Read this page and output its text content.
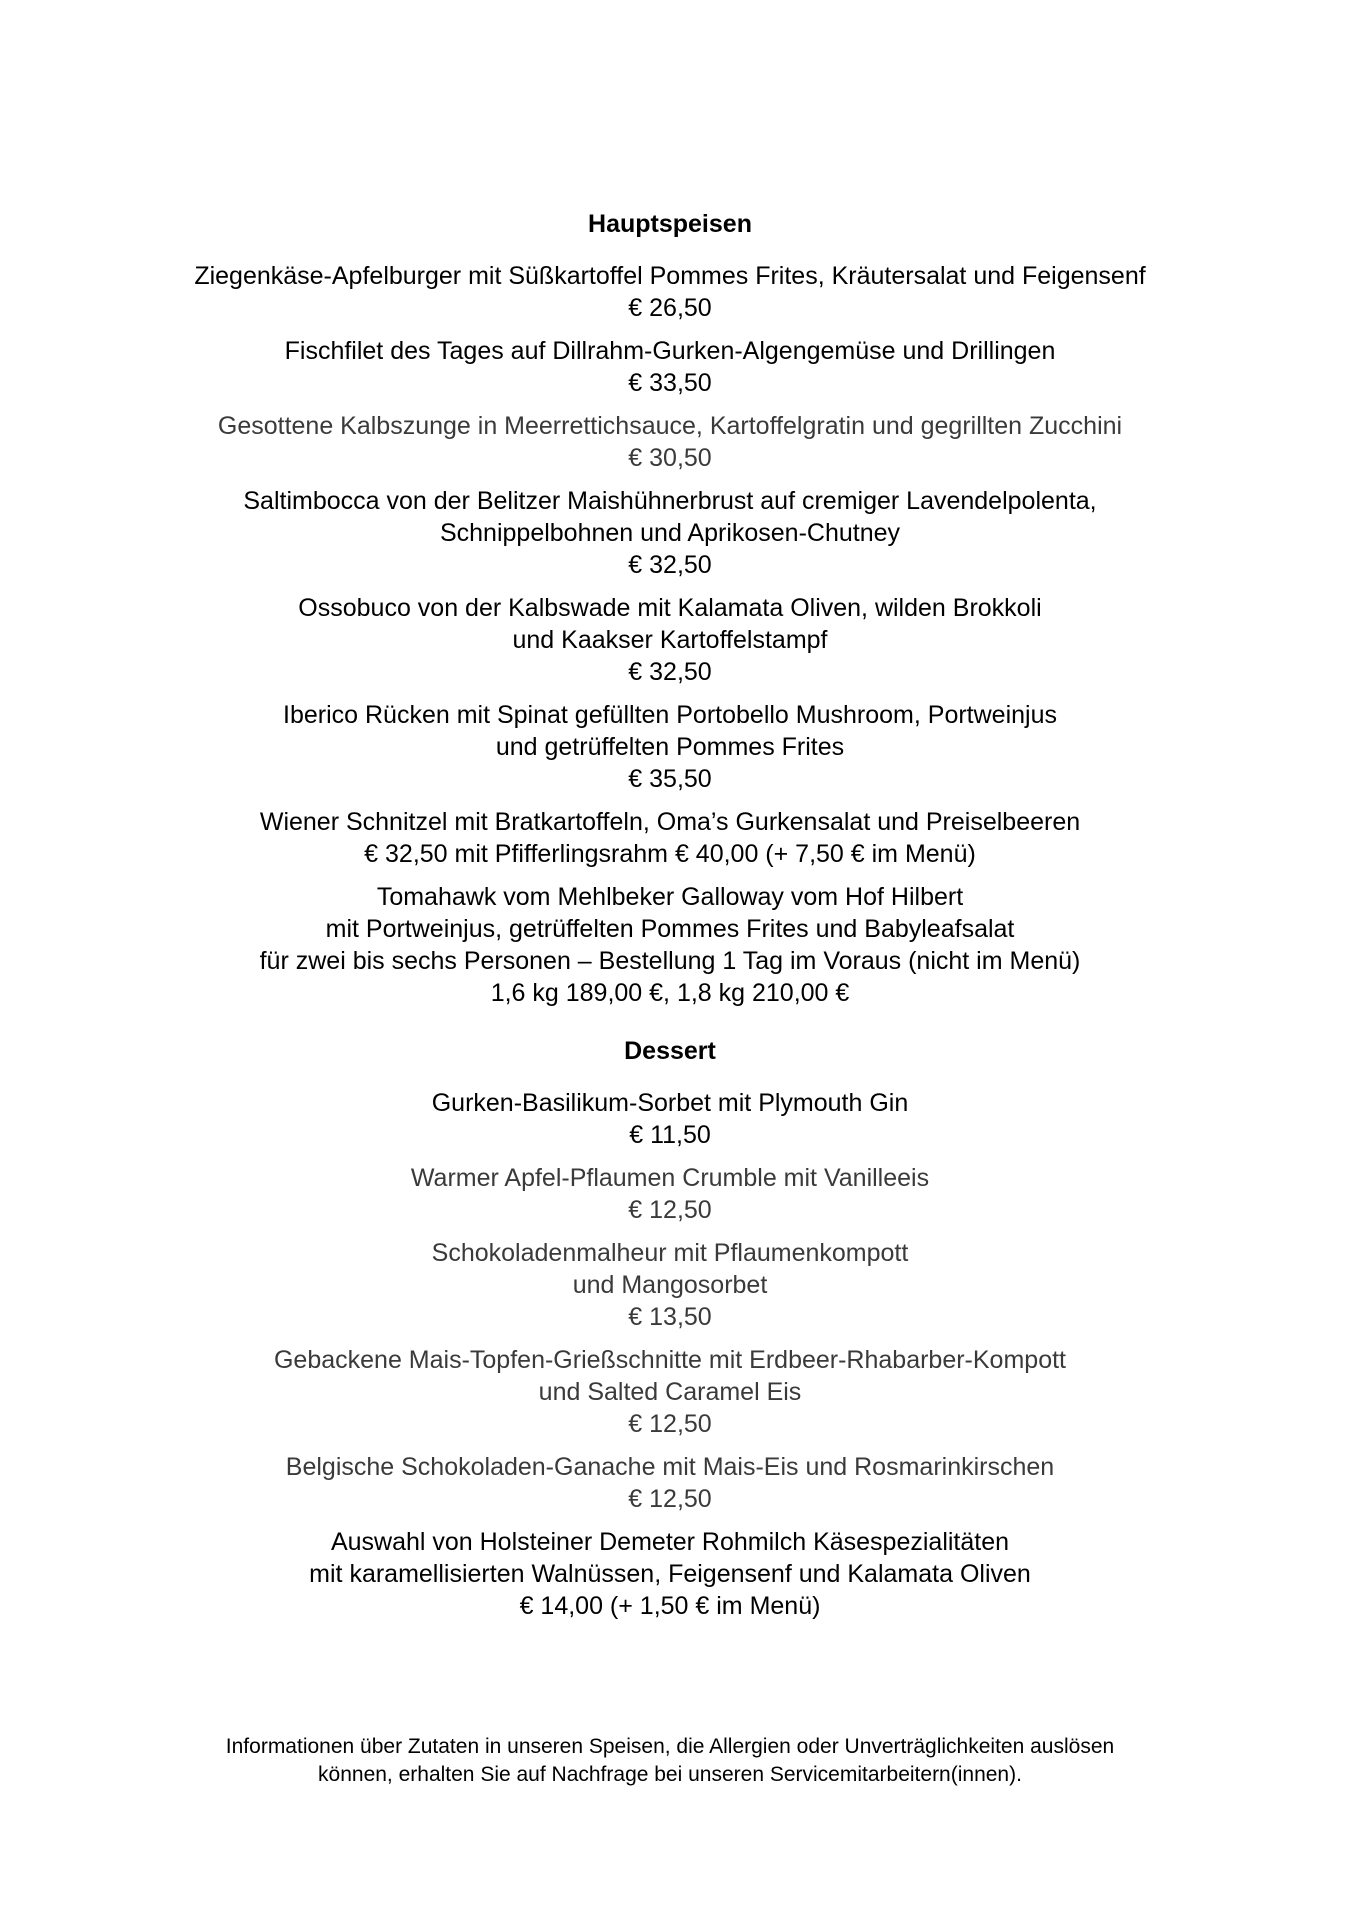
Hauptspeisen
Ziegenkäse-Apfelburger mit Süßkartoffel Pommes Frites, Kräutersalat und Feigensenf
€ 26,50
Fischfilet des Tages auf Dillrahm-Gurken-Algengemüse und Drillingen
€ 33,50
Gesottene Kalbszunge in Meerrettichsauce, Kartoffelgratin und gegrillten Zucchini
€ 30,50
Saltimbocca von der Belitzer Maishühnerbrust auf cremiger Lavendelpolenta,
Schnippelbohnen und Aprikosen-Chutney
€ 32,50
Ossobuco von der Kalbswade mit Kalamata Oliven, wilden Brokkoli
und Kaakser Kartoffelstampf
€ 32,50
Iberico Rücken mit Spinat gefüllten Portobello Mushroom, Portweinjus
und getrüffelten Pommes Frites
€ 35,50
Wiener Schnitzel mit Bratkartoffeln, Oma’s Gurkensalat und Preiselbeeren
€ 32,50 mit Pfifferlingsrahm € 40,00 (+ 7,50 € im Menü)
Tomahawk vom Mehlbeker Galloway vom Hof Hilbert
mit Portweinjus, getrüffelten Pommes Frites und Babyleafsalat
für zwei bis sechs Personen – Bestellung 1 Tag im Voraus (nicht im Menü)
1,6 kg 189,00 €, 1,8 kg 210,00 €
Dessert
Gurken-Basilikum-Sorbet mit Plymouth Gin
€ 11,50
Warmer Apfel-Pflaumen Crumble mit Vanilleeis
€ 12,50
Schokoladenmalheur mit Pflaumenkompott
und Mangosorbet
€ 13,50
Gebackene Mais-Topfen-Grießschnitte mit Erdbeer-Rhabarber-Kompott
und Salted Caramel Eis
€ 12,50
Belgische Schokoladen-Ganache mit Mais-Eis und Rosmarinkirschen
€ 12,50
Auswahl von Holsteiner Demeter Rohmilch Käsespezialitäten
mit karamellisierten Walnüssen, Feigensenf und Kalamata Oliven
€ 14,00 (+ 1,50 € im Menü)
Informationen über Zutaten in unseren Speisen, die Allergien oder Unverträglichkeiten auslösen
können, erhalten Sie auf Nachfrage bei unseren Servicemitarbeitern(innen).
